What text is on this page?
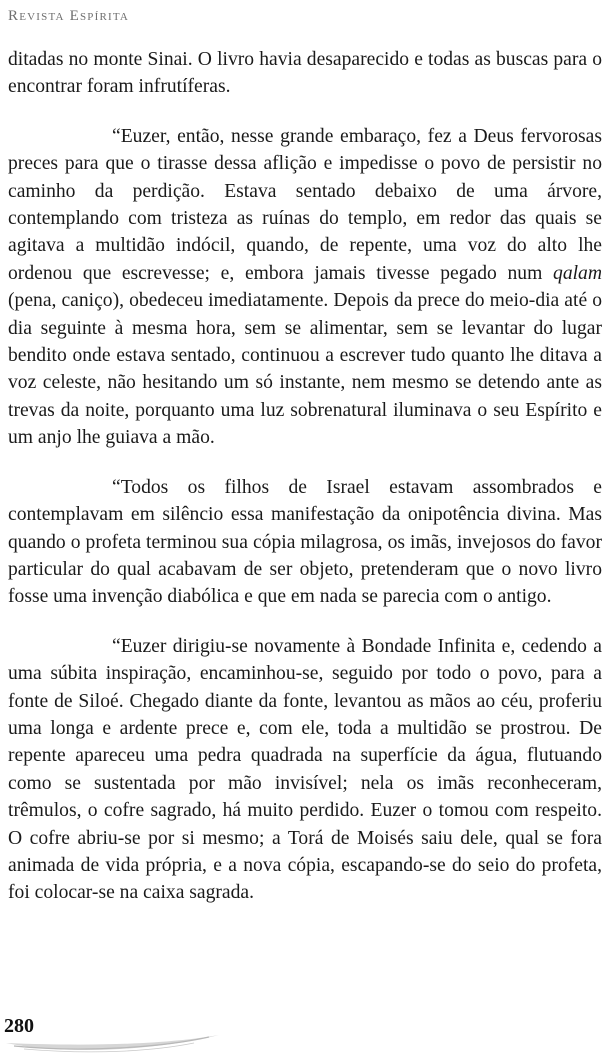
Revista Espírita

ditadas no monte Sinai. O livro havia desaparecido e todas as buscas para o encontrar foram infrutíferas.

“Euzer, então, nesse grande embaraço, fez a Deus fervorosas preces para que o tirasse dessa aflição e impedisse o povo de persistir no caminho da perdição. Estava sentado debaixo de uma árvore, contemplando com tristeza as ruínas do templo, em redor das quais se agitava a multidão indócil, quando, de repente, uma voz do alto lhe ordenou que escrevesse; e, embora jamais tivesse pegado num qalam (pena, caniço), obedeceu imediatamente. Depois da prece do meio-dia até o dia seguinte à mesma hora, sem se alimentar, sem se levantar do lugar bendito onde estava sentado, continuou a escrever tudo quanto lhe ditava a voz celeste, não hesitando um só instante, nem mesmo se detendo ante as trevas da noite, porquanto uma luz sobrenatural iluminava o seu Espírito e um anjo lhe guiava a mão.

“Todos os filhos de Israel estavam assombrados e contemplavam em silêncio essa manifestação da onipotência divina. Mas quando o profeta terminou sua cópia milagrosa, os imãs, invejosos do favor particular do qual acabavam de ser objeto, pretenderam que o novo livro fosse uma invenção diabólica e que em nada se parecia com o antigo.

“Euzer dirigiu-se novamente à Bondade Infinita e, cedendo a uma súbita inspiração, encaminhou-se, seguido por todo o povo, para a fonte de Siloé. Chegado diante da fonte, levantou as mãos ao céu, proferiu uma longa e ardente prece e, com ele, toda a multidão se prostrou. De repente apareceu uma pedra quadrada na superfície da água, flutuando como se sustentada por mão invisível; nela os imãs reconheceram, trêmulos, o cofre sagrado, há muito perdido. Euzer o tomou com respeito. O cofre abriu-se por si mesmo; a Torá de Moisés saiu dele, qual se fora animada de vida própria, e a nova cópia, escapando-se do seio do profeta, foi colocar-se na caixa sagrada.

280
